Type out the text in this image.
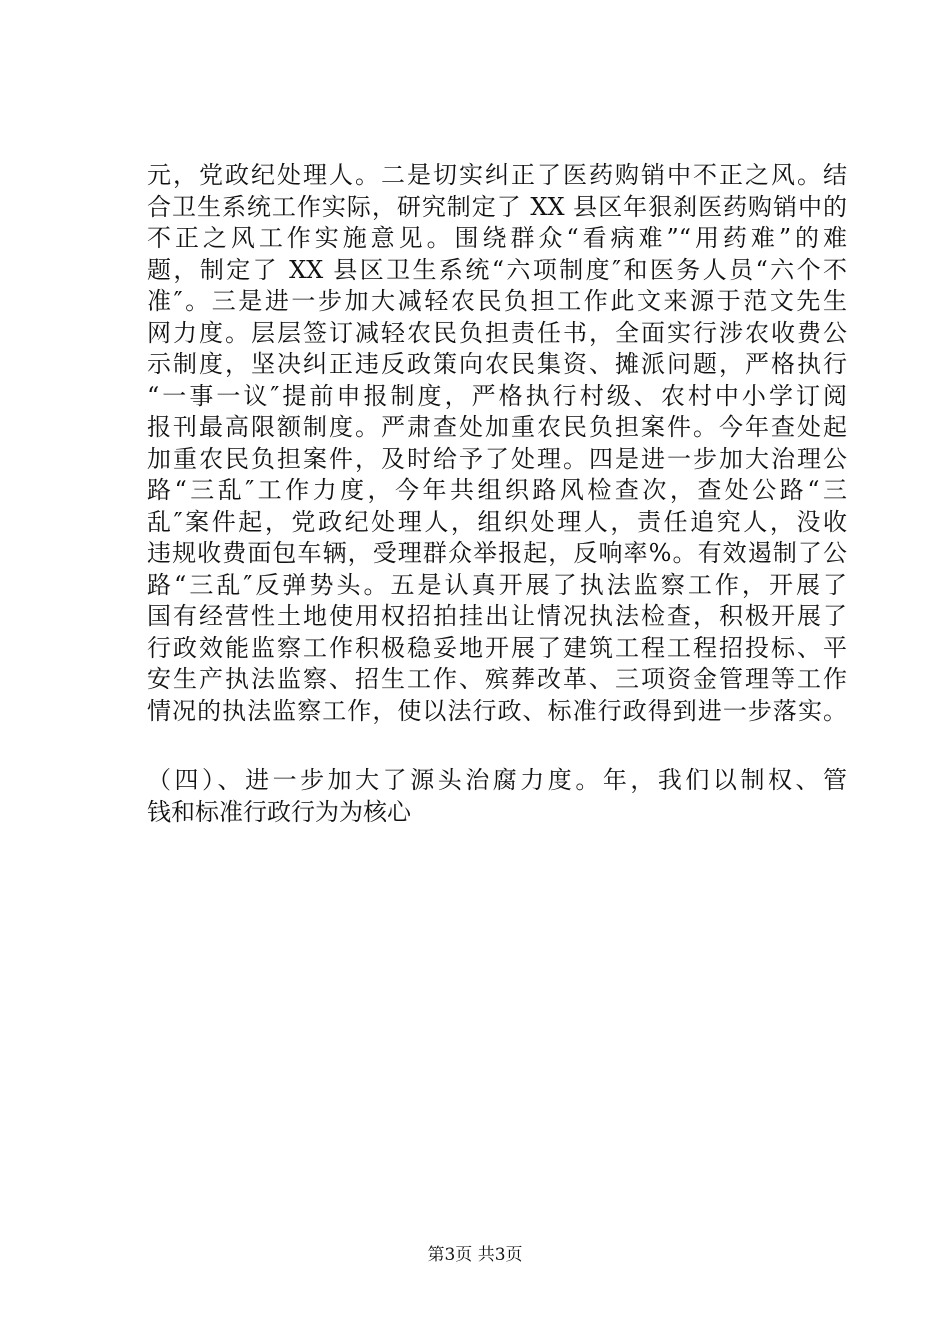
元，党政纪处理人。二是切实纠正了医药购销中不正之风。结
合卫生系统工作实际，研究制定了 XX 县区年狠刹医药购销中的
不正之风工作实施意见。围绕群众“看病难”“用药难”的难
题，制定了 XX 县区卫生系统“六项制度″和医务人员“六个不
准″。三是进一步加大减轻农民负担工作此文来源于范文先生
网力度。层层签订减轻农民负担责任书，全面实行涉农收费公
示制度，坚决纠正违反政策向农民集资、摊派问题，严格执行
“一事一议″提前申报制度，严格执行村级、农村中小学订阅
报刊最高限额制度。严肃查处加重农民负担案件。今年查处起
加重农民负担案件，及时给予了处理。四是进一步加大治理公
路“三乱″工作力度，今年共组织路风检查次，查处公路“三
乱″案件起，党政纪处理人，组织处理人，责任追究人，没收
违规收费面包车辆，受理群众举报起，反响率%。有效遏制了公
路“三乱″反弹势头。五是认真开展了执法监察工作，开展了
国有经营性土地使用权招拍挂出让情况执法检查，积极开展了
行政效能监察工作积极稳妥地开展了建筑工程工程招投标、平
安生产执法监察、招生工作、殡葬改革、三项资金管理等工作
情况的执法监察工作，使以法行政、标准行政得到进一步落实。
（四）、进一步加大了源头治腐力度。年，我们以制权、管
钱和标准行政行为为核心
第3页 共3页
